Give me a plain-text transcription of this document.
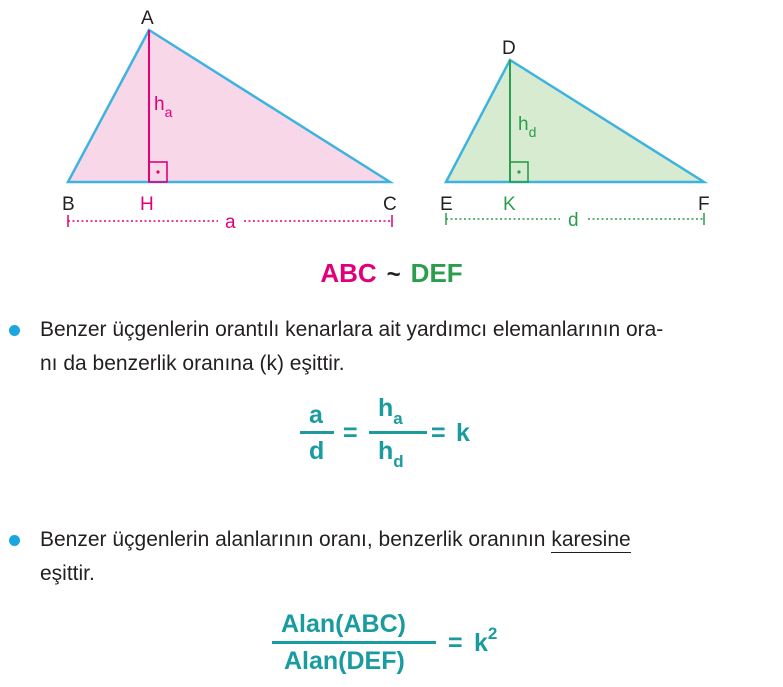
A
B	C
H
$h_a$
a
D
E	F
K
$h_d$
d
ABC ~ DEF
Benzer üçgenlerin orantılı kenarlara ait yardımcı elemanlarının ora-
nı da benzerlik oranına (k) eşittir.
a
d
=
$h_a$
$h_d$
= k
Benzer üçgenlerin alanlarının oranı, benzerlik oranının karesine
eşittir.
Alan(ABC)
Alan(DEF)
= $k^2$
